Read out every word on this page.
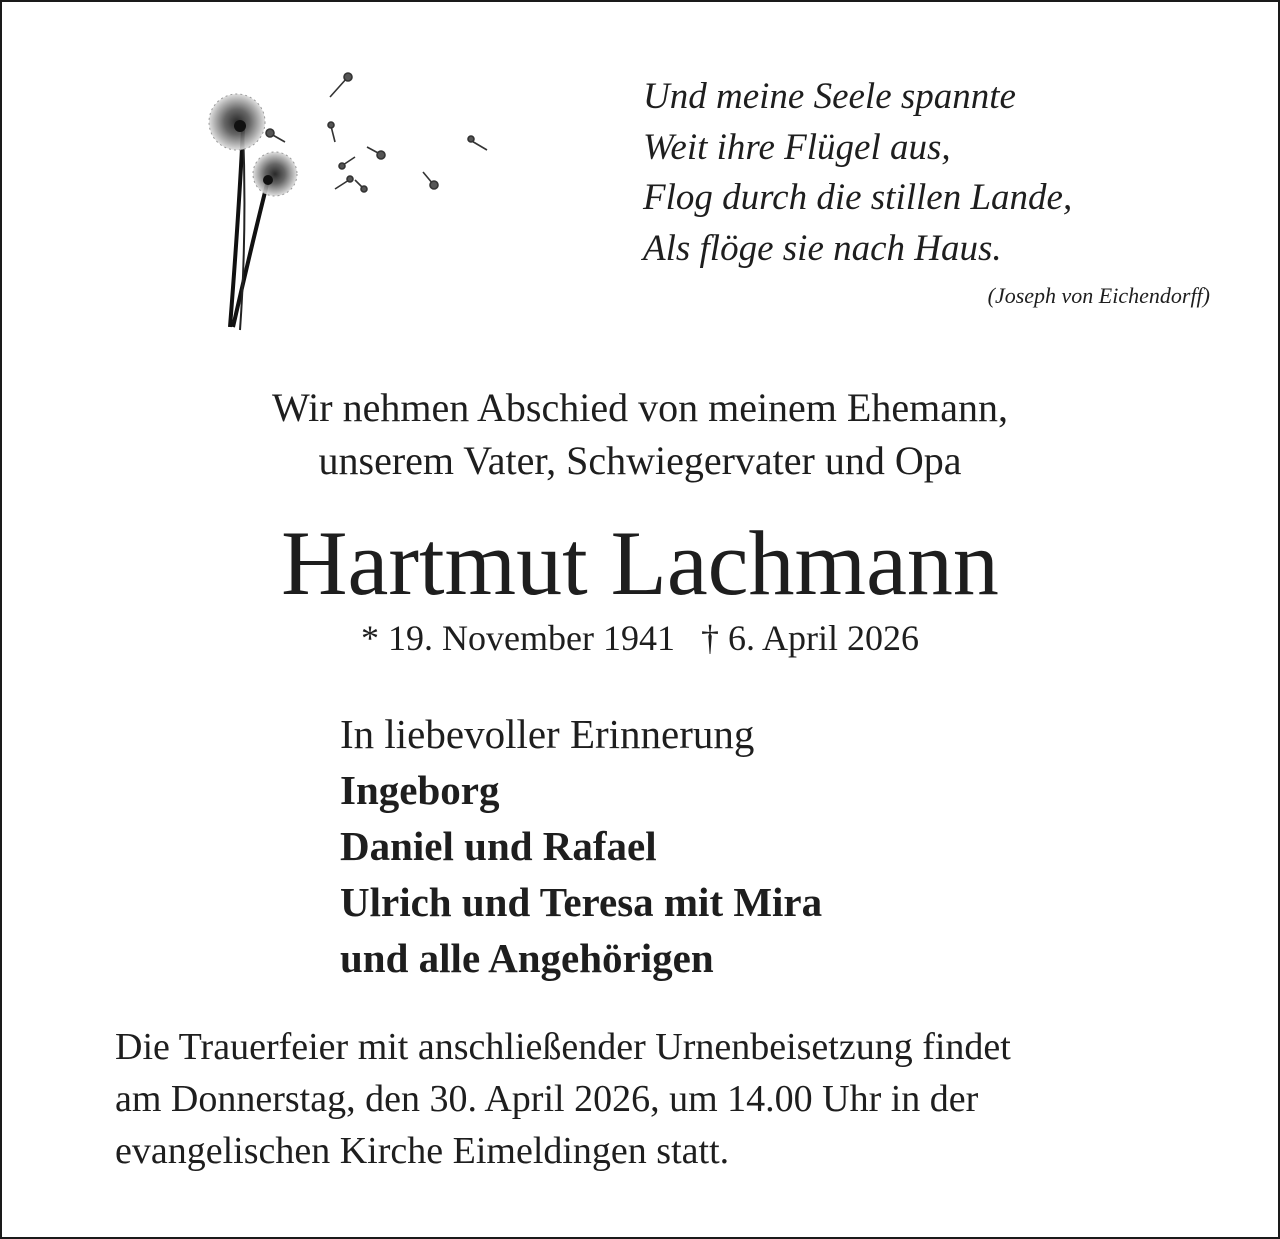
Und meine Seele spannte
Weit ihre Flügel aus,
Flog durch die stillen Lande,
Als flöge sie nach Haus.
(Joseph von Eichendorff)
Wir nehmen Abschied von meinem Ehemann,
unserem Vater, Schwiegervater und Opa
Hartmut Lachmann
* 19. November 1941 † 6. April 2026
In liebevoller Erinnerung
Ingeborg
Daniel und Rafael
Ulrich und Teresa mit Mira
und alle Angehörigen
Die Trauerfeier mit anschließender Urnenbeisetzung findet
am Donnerstag, den 30. April 2026, um 14.00 Uhr in der
evangelischen Kirche Eimeldingen statt.
